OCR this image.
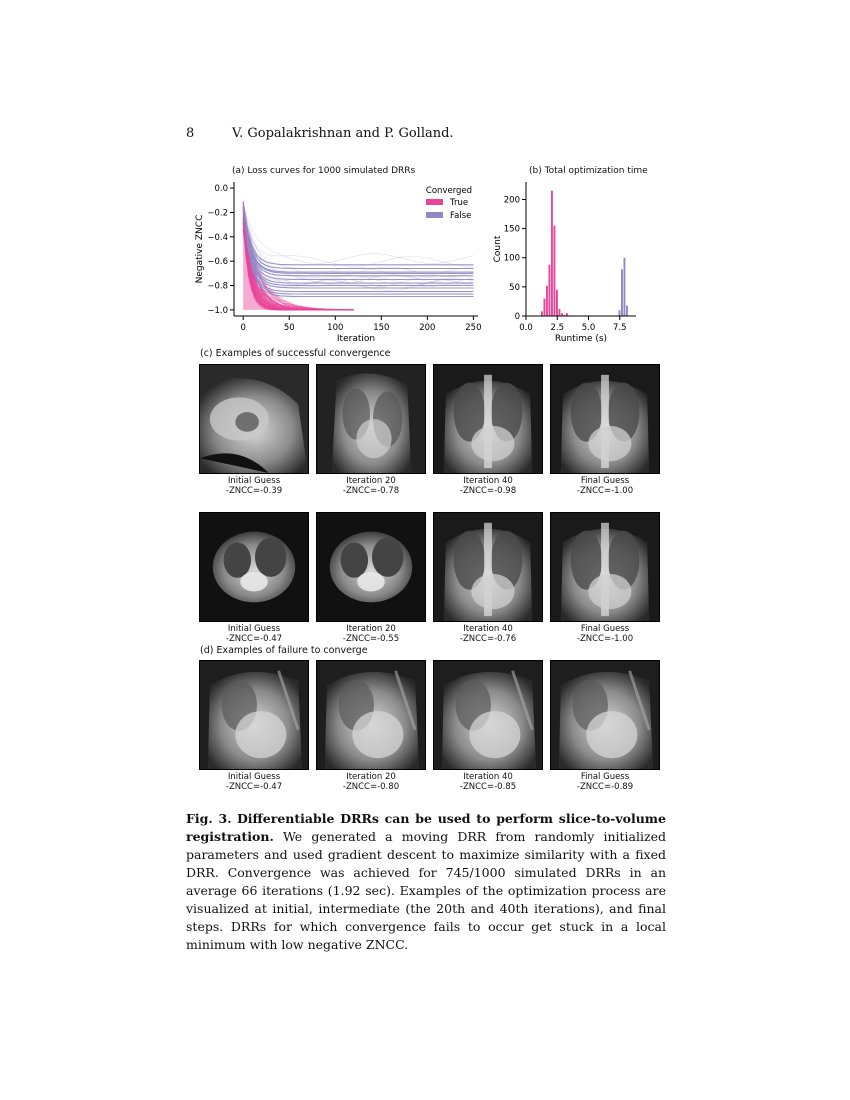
8	V. Gopalakrishnan and P. Golland.
(a) Loss curves for 1000 simulated DRRs
0	50	100	150	200	250
0.0
−0.2
−0.4
−0.6
−0.8
−1.0
Iteration
Negative ZNCC
Converged
True
False
(b) Total optimization time
0.0 2.5 5.0 7.5
0
50
100
150
200
Runtime (s)
Count
(c) Examples of successful convergence
Initial Guess
-ZNCC=-0.39
Iteration 20
-ZNCC=-0.78
Iteration 40
-ZNCC=-0.98
Final Guess
-ZNCC=-1.00
Initial Guess
-ZNCC=-0.47
Iteration 20
-ZNCC=-0.55
Iteration 40
-ZNCC=-0.76
Final Guess
-ZNCC=-1.00
Initial Guess
-ZNCC=-0.47
Iteration 20
-ZNCC=-0.80
Iteration 40
-ZNCC=-0.85
Final Guess
-ZNCC=-0.89
(d) Examples of failure to converge
Fig. 3. Differentiable DRRs can be used to perform slice-to-volume registration. We generated a moving DRR from randomly initialized parameters and used gradient descent to maximize similarity with a fixed DRR. Convergence was achieved for 745/1000 simulated DRRs in an average 66 iterations (1.92 sec). Examples of the optimization process are visualized at initial, intermediate (the 20th and 40th iterations), and final steps. DRRs for which convergence fails to occur get stuck in a local minimum with low negative ZNCC.
